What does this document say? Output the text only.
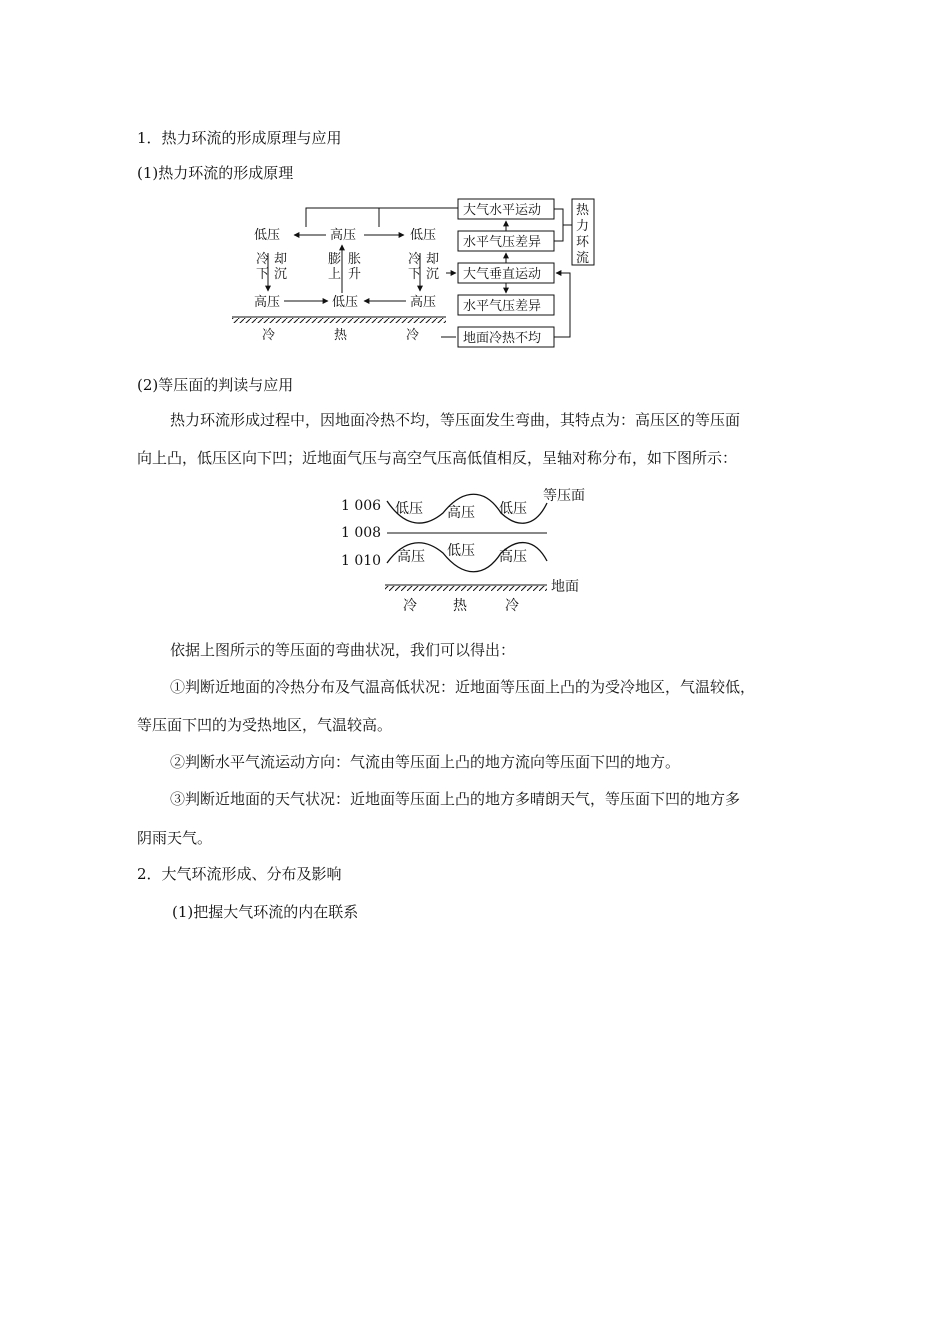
1．热力环流的形成原理与应用
(1)热力环流的形成原理
低压	高压	低压
冷
下
却
沉
膨
上
胀
升
冷
下
却
沉
高压	低压	高压
冷	热	冷
大气水平运动
水平气压差异
大气垂直运动
水平气压差异
地面冷热不均
热
力
环
流
(2)等压面的判读与应用
热力环流形成过程中，因地面冷热不均，等压面发生弯曲，其特点为：高压区的等压面
向上凸，低压区向下凹；近地面气压与高空气压高低值相反，呈轴对称分布，如下图所示：
1 006
1 008
1 010
低压 高压 低压
高压 低压 高压
等压面
地面
冷	热	冷
依据上图所示的等压面的弯曲状况，我们可以得出：
①判断近地面的冷热分布及气温高低状况：近地面等压面上凸的为受冷地区，气温较低，
等压面下凹的为受热地区，气温较高。
②判断水平气流运动方向：气流由等压面上凸的地方流向等压面下凹的地方。
③判断近地面的天气状况：近地面等压面上凸的地方多晴朗天气，等压面下凹的地方多
阴雨天气。
2．大气环流形成、分布及影响
(1)把握大气环流的内在联系
